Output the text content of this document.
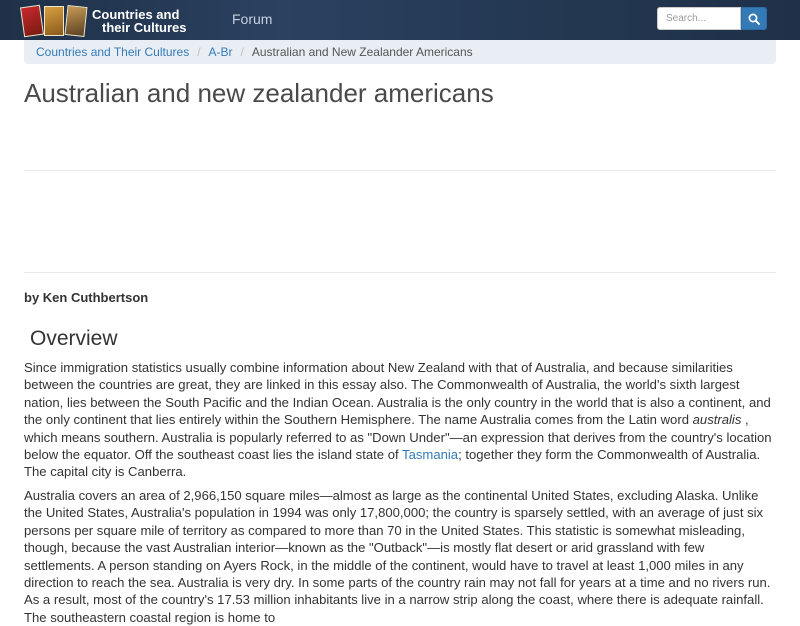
Countries and
their Cultures	Forum
Search...
Countries and Their Cultures / A-Br / Australian and New Zealander Americans
Australian and new zealander americans
by Ken Cuthbertson
Overview

Since immigration statistics usually combine information about New Zealand with that of Australia, and because similarities between the countries are great, they are linked in this essay also. The Commonwealth of Australia, the world's sixth largest nation, lies between the South Pacific and the Indian Ocean. Australia is the only country in the world that is also a continent, and the only continent that lies entirely within the Southern Hemisphere. The name Australia comes from the Latin word australis , which means southern. Australia is popularly referred to as "Down Under"—an expression that derives from the country's location below the equator. Off the southeast coast lies the island state of Tasmania; together they form the Commonwealth of Australia. The capital city is Canberra.

Australia covers an area of 2,966,150 square miles—almost as large as the continental United States, excluding Alaska. Unlike the United States, Australia's population in 1994 was only 17,800,000; the country is sparsely settled, with an average of just six persons per square mile of territory as compared to more than 70 in the United States. This statistic is somewhat misleading, though, because the vast Australian interior—known as the "Outback"—is mostly flat desert or arid grassland with few settlements. A person standing on Ayers Rock, in the middle of the continent, would have to travel at least 1,000 miles in any direction to reach the sea. Australia is very dry. In some parts of the country rain may not fall for years at a time and no rivers run. As a result, most of the country's 17.53 million inhabitants live in a narrow strip along the coast, where there is adequate rainfall. The southeastern coastal region is home to
